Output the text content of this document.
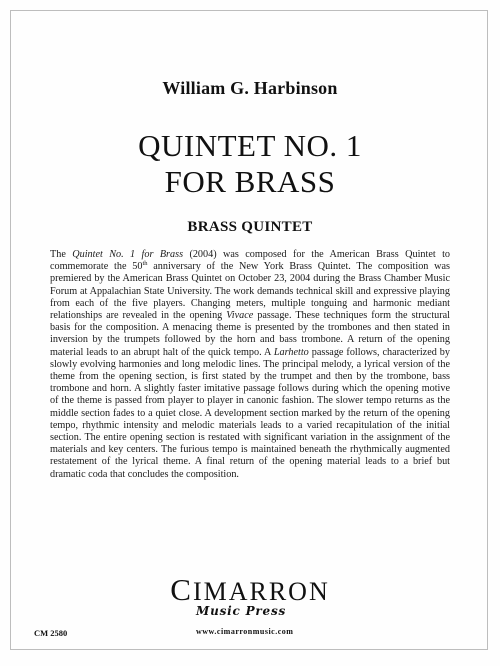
William G. Harbinson
QUINTET NO. 1
FOR BRASS
BRASS QUINTET
The Quintet No. 1 for Brass (2004) was composed for the American Brass Quintet to commemorate the 50th anniversary of the New York Brass Quintet. The composition was premiered by the American Brass Quintet on October 23, 2004 during the Brass Chamber Music Forum at Appalachian State University. The work demands technical skill and expressive playing from each of the five players. Changing meters, multiple tonguing and harmonic mediant relationships are revealed in the opening Vivace passage. These techniques form the structural basis for the composition. A menacing theme is presented by the trombones and then stated in inversion by the trumpets followed by the horn and bass trombone. A return of the opening material leads to an abrupt halt of the quick tempo. A Larhetto passage follows, characterized by slowly evolving harmonies and long melodic lines. The principal melody, a lyrical version of the theme from the opening section, is first stated by the trumpet and then by the trombone, bass trombone and horn. A slightly faster imitative passage follows during which the opening motive of the theme is passed from player to player in canonic fashion. The slower tempo returns as the middle section fades to a quiet close. A development section marked by the return of the opening tempo, rhythmic intensity and melodic materials leads to a varied recapitulation of the initial section. The entire opening section is restated with significant variation in the assignment of the materials and key centers. The furious tempo is maintained beneath the rhythmically augmented restatement of the lyrical theme. A final return of the opening material leads to a brief but dramatic coda that concludes the composition.
CIMARRON
Music Press
CM 2580	www.cimarronmusic.com
